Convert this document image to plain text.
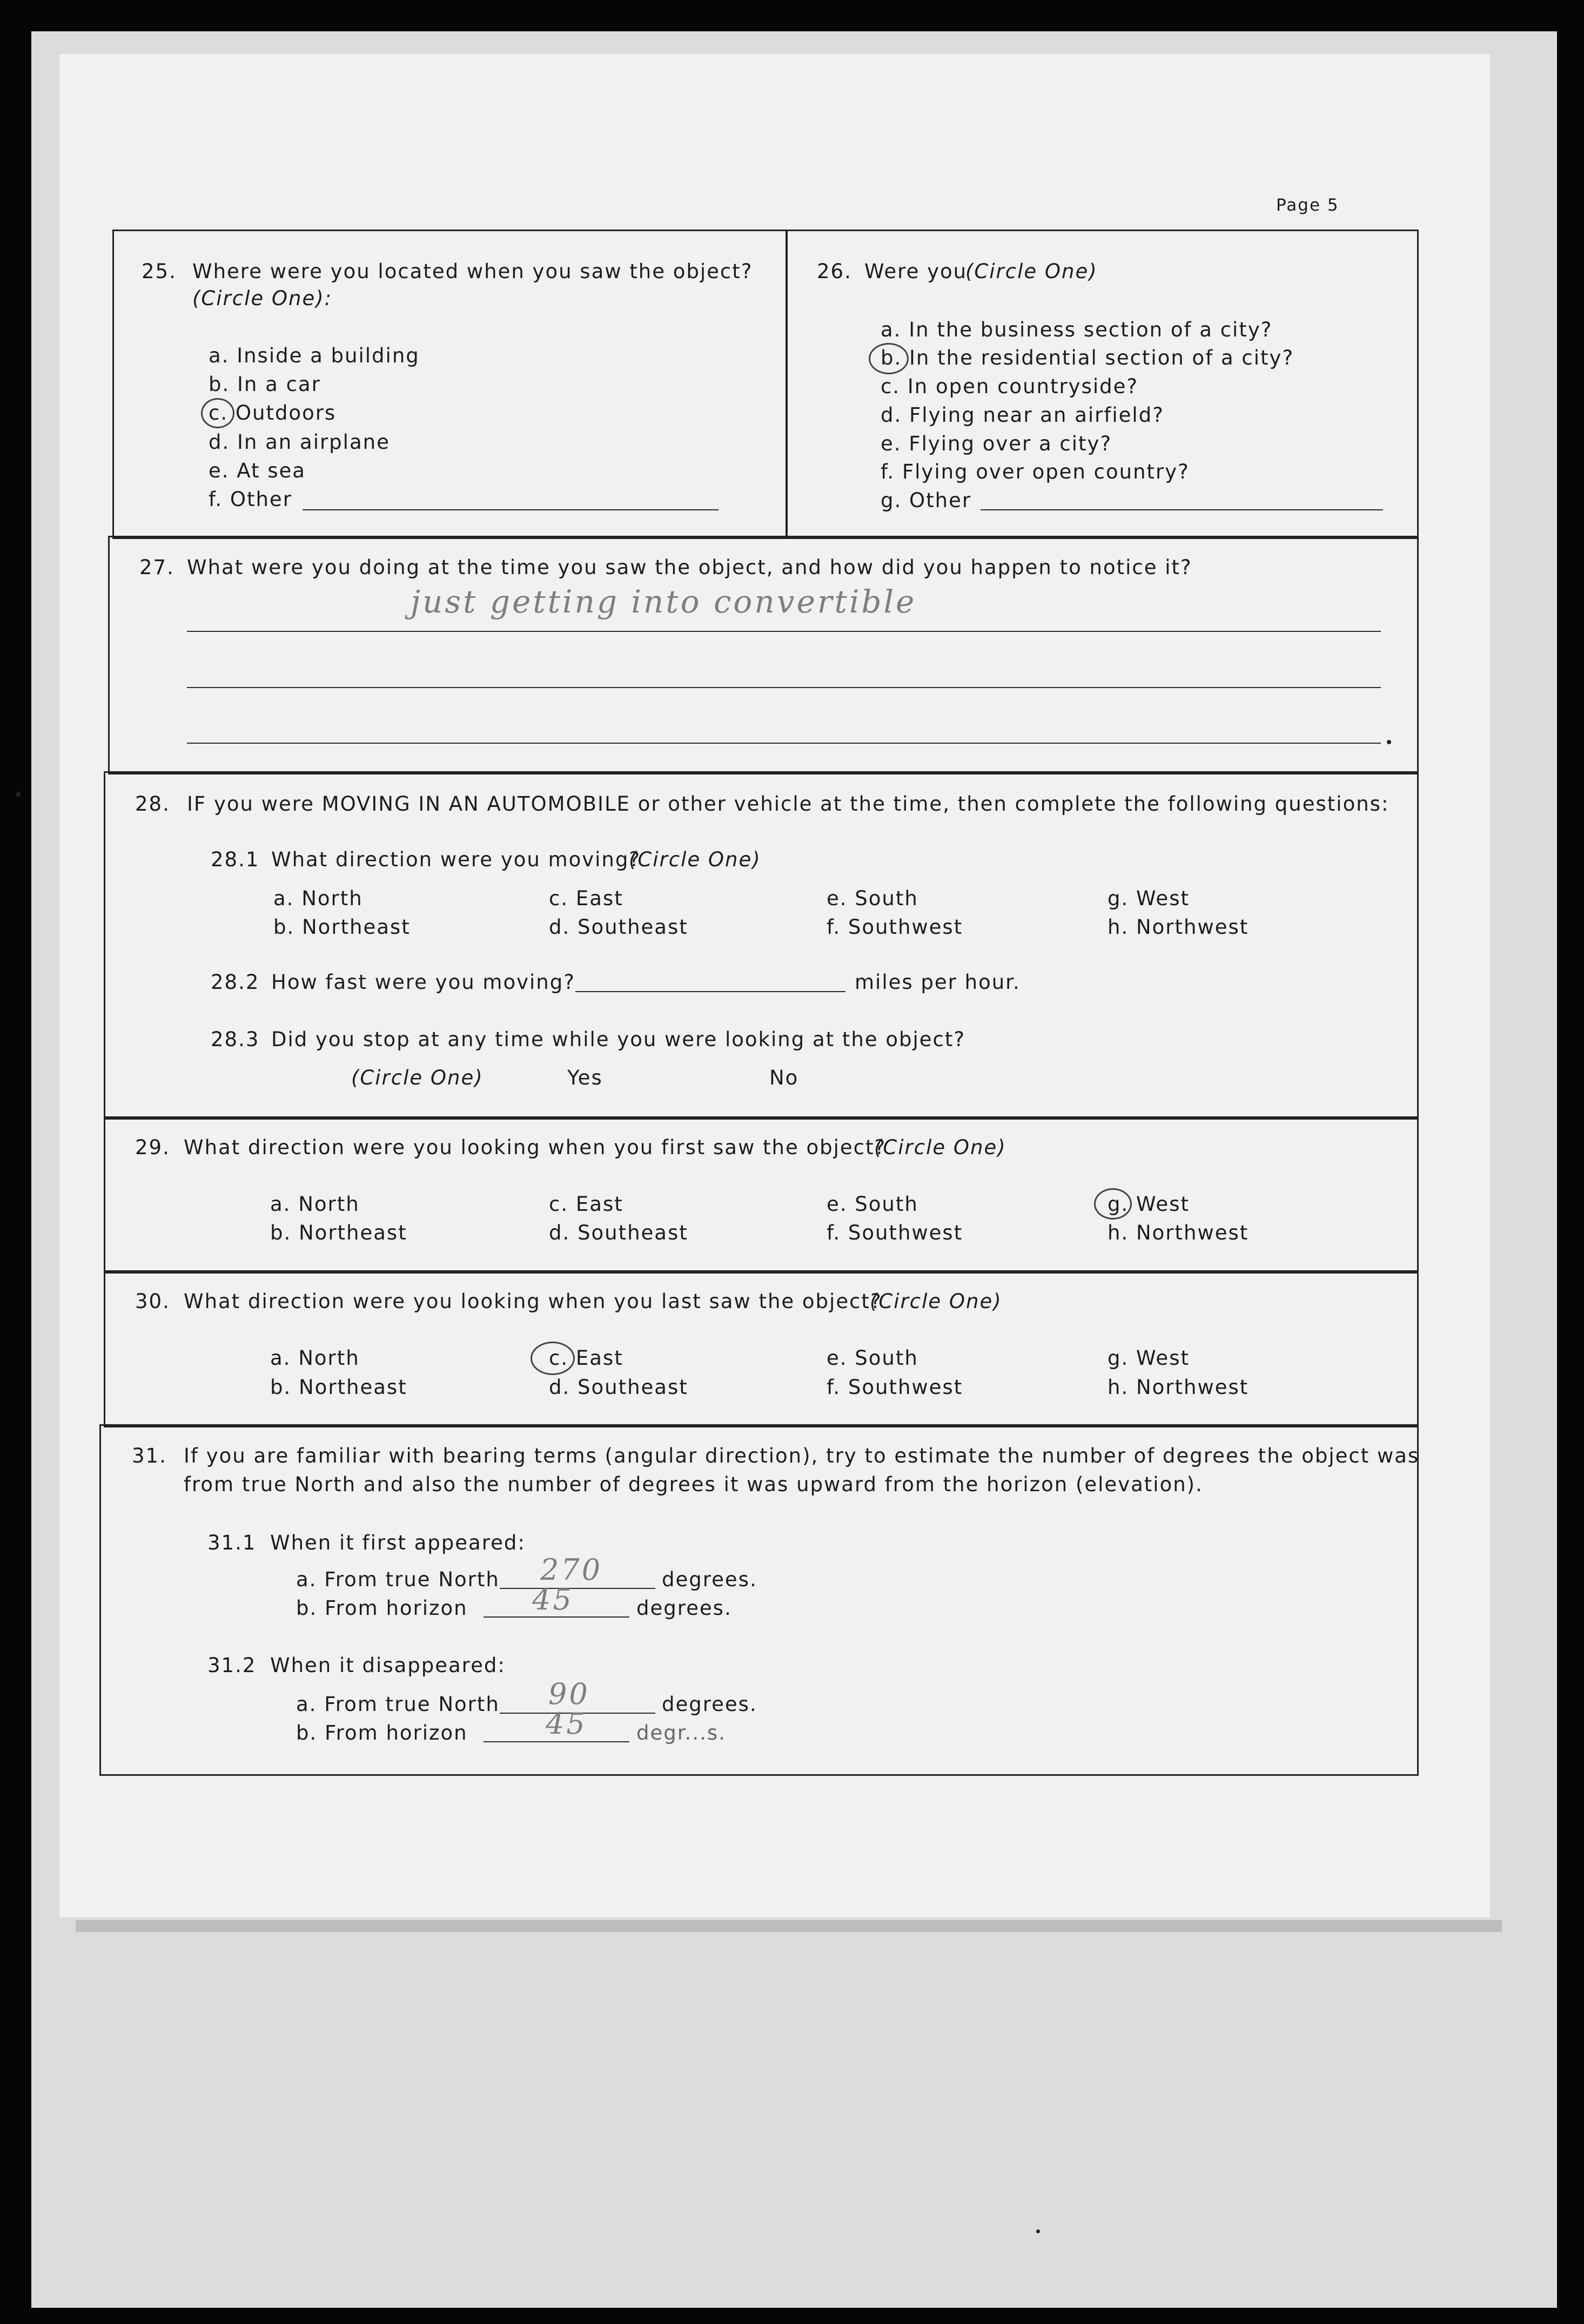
Page 5
25. Where were you located when you saw the object?
(Circle One):
a. Inside a building
b. In a car
c. Outdoors
d. In an airplane
e. At sea
f. Other
26. Were you
(Circle One)
a. In the business section of a city?
b. In the residential section of a city?
c. In open countryside?
d. Flying near an airfield?
e. Flying over a city?
f. Flying over open country?
g. Other
27. What were you doing at the time you saw the object, and how did you happen to notice it?
just getting into convertible
28. IF you were MOVING IN AN AUTOMOBILE or other vehicle at the time, then complete the following questions:
28.1 What direction were you moving?
(Circle One)
a. North	c. East	e. South	g. West
b. Northeast	d. Southeast	f. Southwest	h. Northwest
28.2 How fast were you moving?	miles per hour.
28.3 Did you stop at any time while you were looking at the object?
(Circle One)	Yes	No
29. What direction were you looking when you first saw the object?
(Circle One)
a. North	c. East	e. South	g. West
b. Northeast	d. Southeast	f. Southwest	h. Northwest
30. What direction were you looking when you last saw the object?
(Circle One)
a. North	c. East	e. South	g. West
b. Northeast	d. Southeast	f. Southwest	h. Northwest
31. If you are familiar with bearing terms (angular direction), try to estimate the number of degrees the object was
from true North and also the number of degrees it was upward from the horizon (elevation).
31.1 When it first appeared:
a. From true North 270	degrees.
b. From horizon 45	degrees.
31.2 When it disappeared:
a. From true North 90	degrees.
b. From horizon	45 degr...s.
